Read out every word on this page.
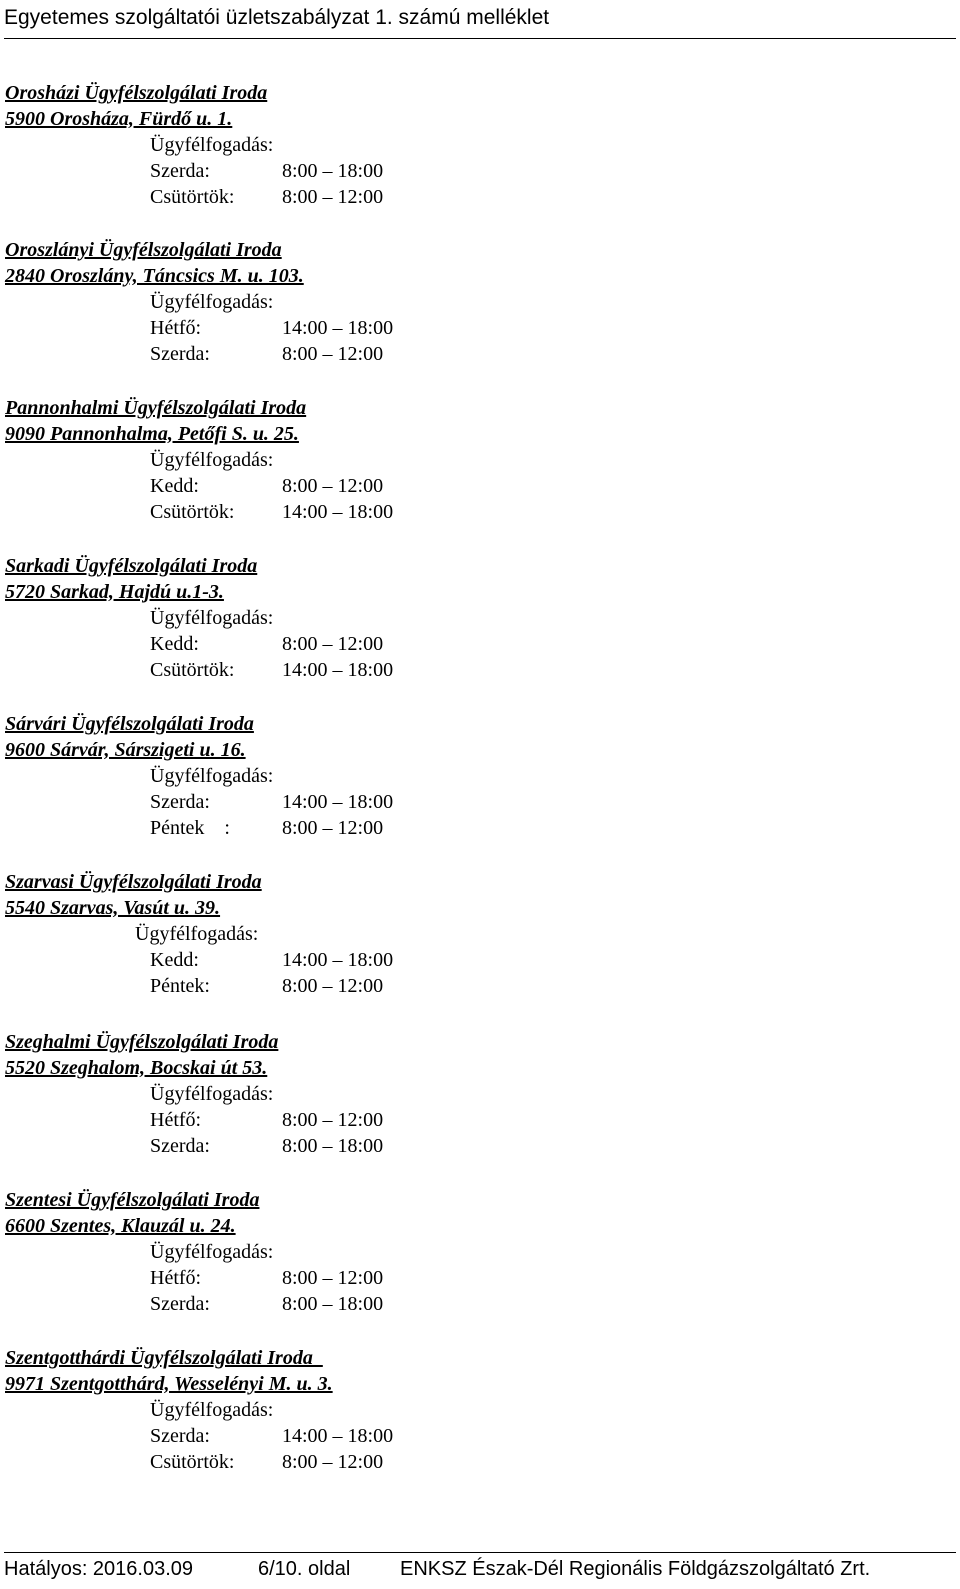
Egyetemes szolgáltatói üzletszabályzat 1. számú melléklet
Orosházi Ügyfélszolgálati Iroda
5900 Orosháza, Fürdő u. 1.
Ügyfélfogadás:
Szerda:	8:00 – 18:00
Csütörtök: 8:00 – 12:00
Oroszlányi Ügyfélszolgálati Iroda
2840 Oroszlány, Táncsics M. u. 103.
Ügyfélfogadás:
Hétfő:	14:00 – 18:00
Szerda:	8:00 – 12:00
Pannonhalmi Ügyfélszolgálati Iroda
9090 Pannonhalma, Petőfi S. u. 25.
Ügyfélfogadás:
Kedd:	8:00 – 12:00
Csütörtök: 14:00 – 18:00
Sarkadi Ügyfélszolgálati Iroda
5720 Sarkad, Hajdú u.1-3.
Ügyfélfogadás:
Kedd:	8:00 – 12:00
Csütörtök: 14:00 – 18:00
Sárvári Ügyfélszolgálati Iroda
9600 Sárvár, Sárszigeti u. 16.
Ügyfélfogadás:
Szerda:	14:00 – 18:00
Péntek    :	8:00 – 12:00
Szarvasi Ügyfélszolgálati Iroda
5540 Szarvas, Vasút u. 39.
Ügyfélfogadás:
Kedd:	14:00 – 18:00
Péntek:	8:00 – 12:00
Szeghalmi Ügyfélszolgálati Iroda
5520 Szeghalom, Bocskai út 53.
Ügyfélfogadás:
Hétfő:	8:00 – 12:00
Szerda:	8:00 – 18:00
Szentesi Ügyfélszolgálati Iroda
6600 Szentes, Klauzál u. 24.
Ügyfélfogadás:
Hétfő:	8:00 – 12:00
Szerda:	8:00 – 18:00
Szentgotthárdi Ügyfélszolgálati Iroda
9971 Szentgotthárd, Wesselényi M. u. 3.
Ügyfélfogadás:
Szerda:	14:00 – 18:00
Csütörtök: 8:00 – 12:00
Hatályos: 2016.03.09	6/10. oldal ENKSZ Észak-Dél Regionális Földgázszolgáltató Zrt.
